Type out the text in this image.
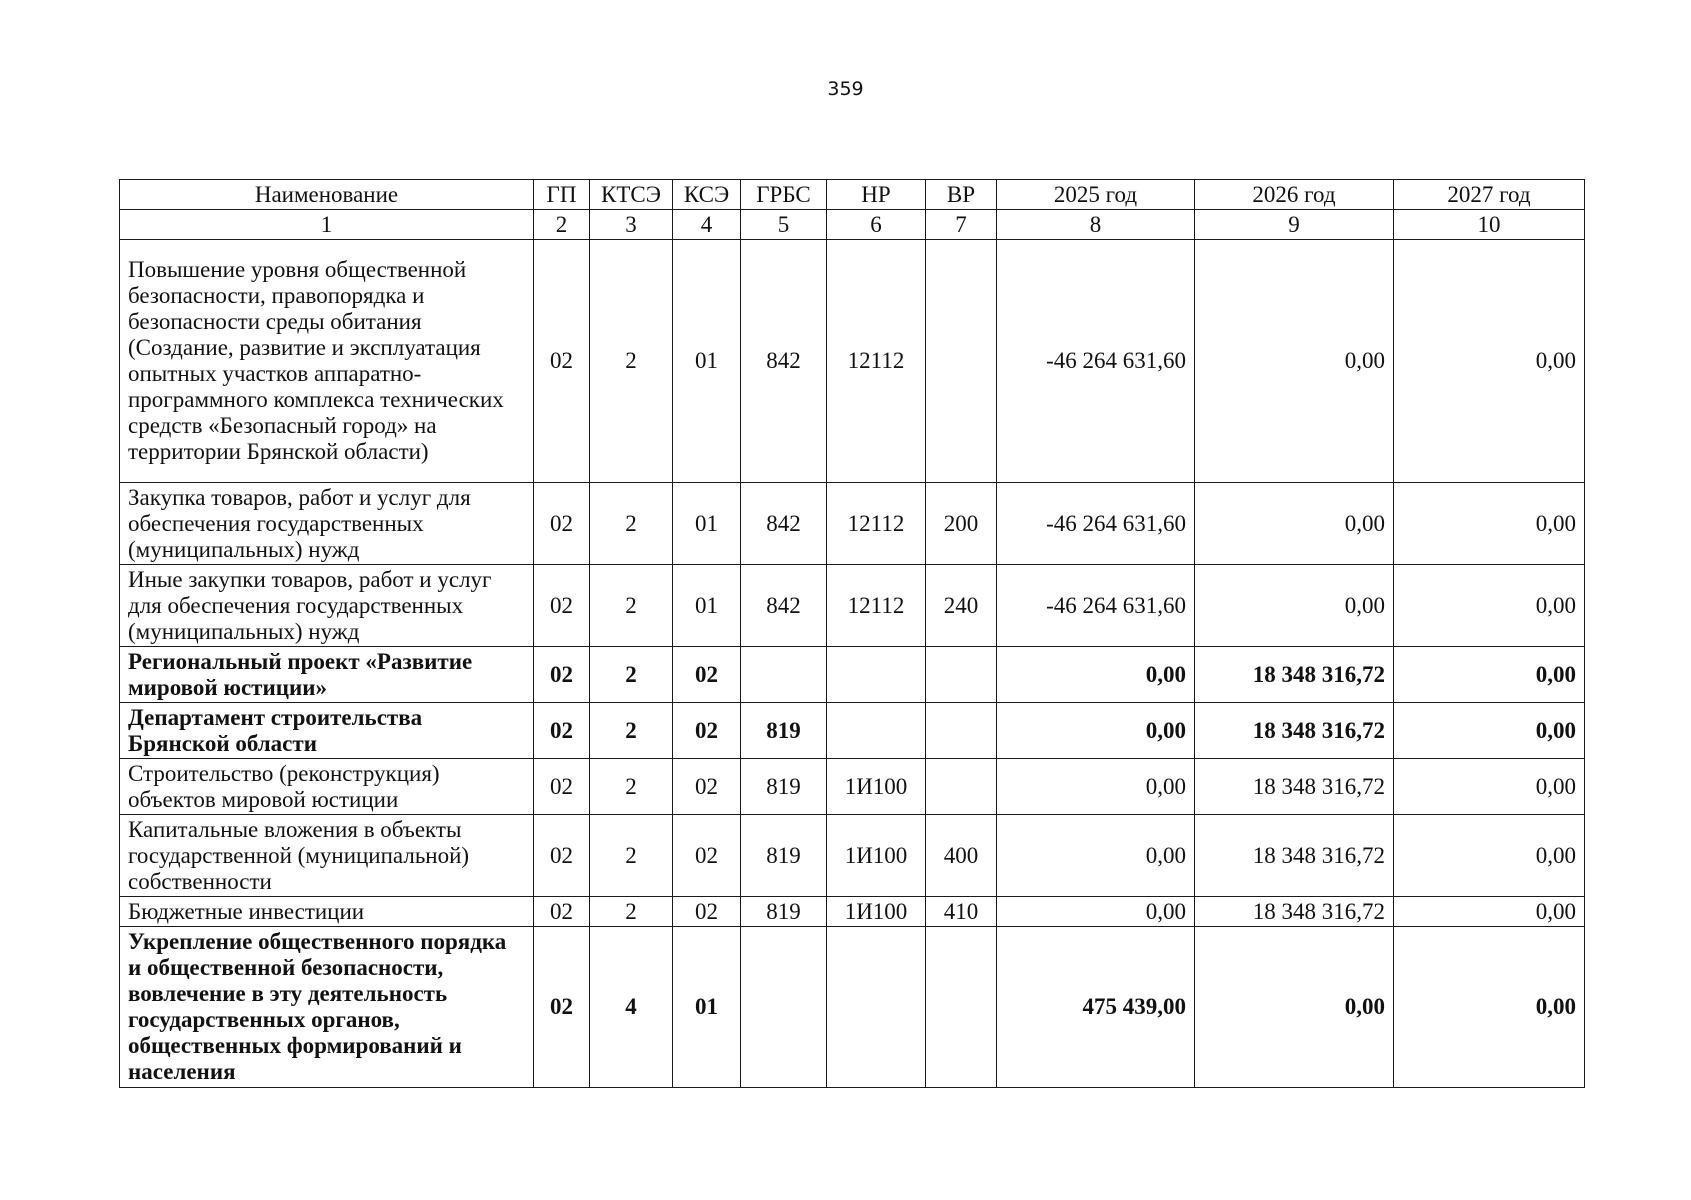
359
Наименование	ГП	КТСЭ	КСЭ	ГРБС	НР	ВР	2025 год	2026 год	2027 год
1	2	3	4	5	6	7	8	9	10
Повышение уровня общественной безопасности, правопорядка и безопасности среды обитания (Создание, развитие и эксплуатация опытных участков аппаратно-программного комплекса технических средств «Безопасный город» на территории Брянской области)	02	2	01	842	12112		-46 264 631,60	0,00	0,00
Закупка товаров, работ и услуг для обеспечения государственных (муниципальных) нужд	02	2	01	842	12112	200	-46 264 631,60	0,00	0,00
Иные закупки товаров, работ и услуг для обеспечения государственных (муниципальных) нужд	02	2	01	842	12112	240	-46 264 631,60	0,00	0,00
Региональный проект «Развитие мировой юстиции»	02	2	02				0,00	18 348 316,72	0,00
Департамент строительства Брянской области	02	2	02	819			0,00	18 348 316,72	0,00
Строительство (реконструкция) объектов мировой юстиции	02	2	02	819	1И100		0,00	18 348 316,72	0,00
Капитальные вложения в объекты государственной (муниципальной) собственности	02	2	02	819	1И100	400	0,00	18 348 316,72	0,00
Бюджетные инвестиции	02	2	02	819	1И100	410	0,00	18 348 316,72	0,00
Укрепление общественного порядка и общественной безопасности, вовлечение в эту деятельность государственных органов, общественных формирований и населения	02	4	01				475 439,00	0,00	0,00
